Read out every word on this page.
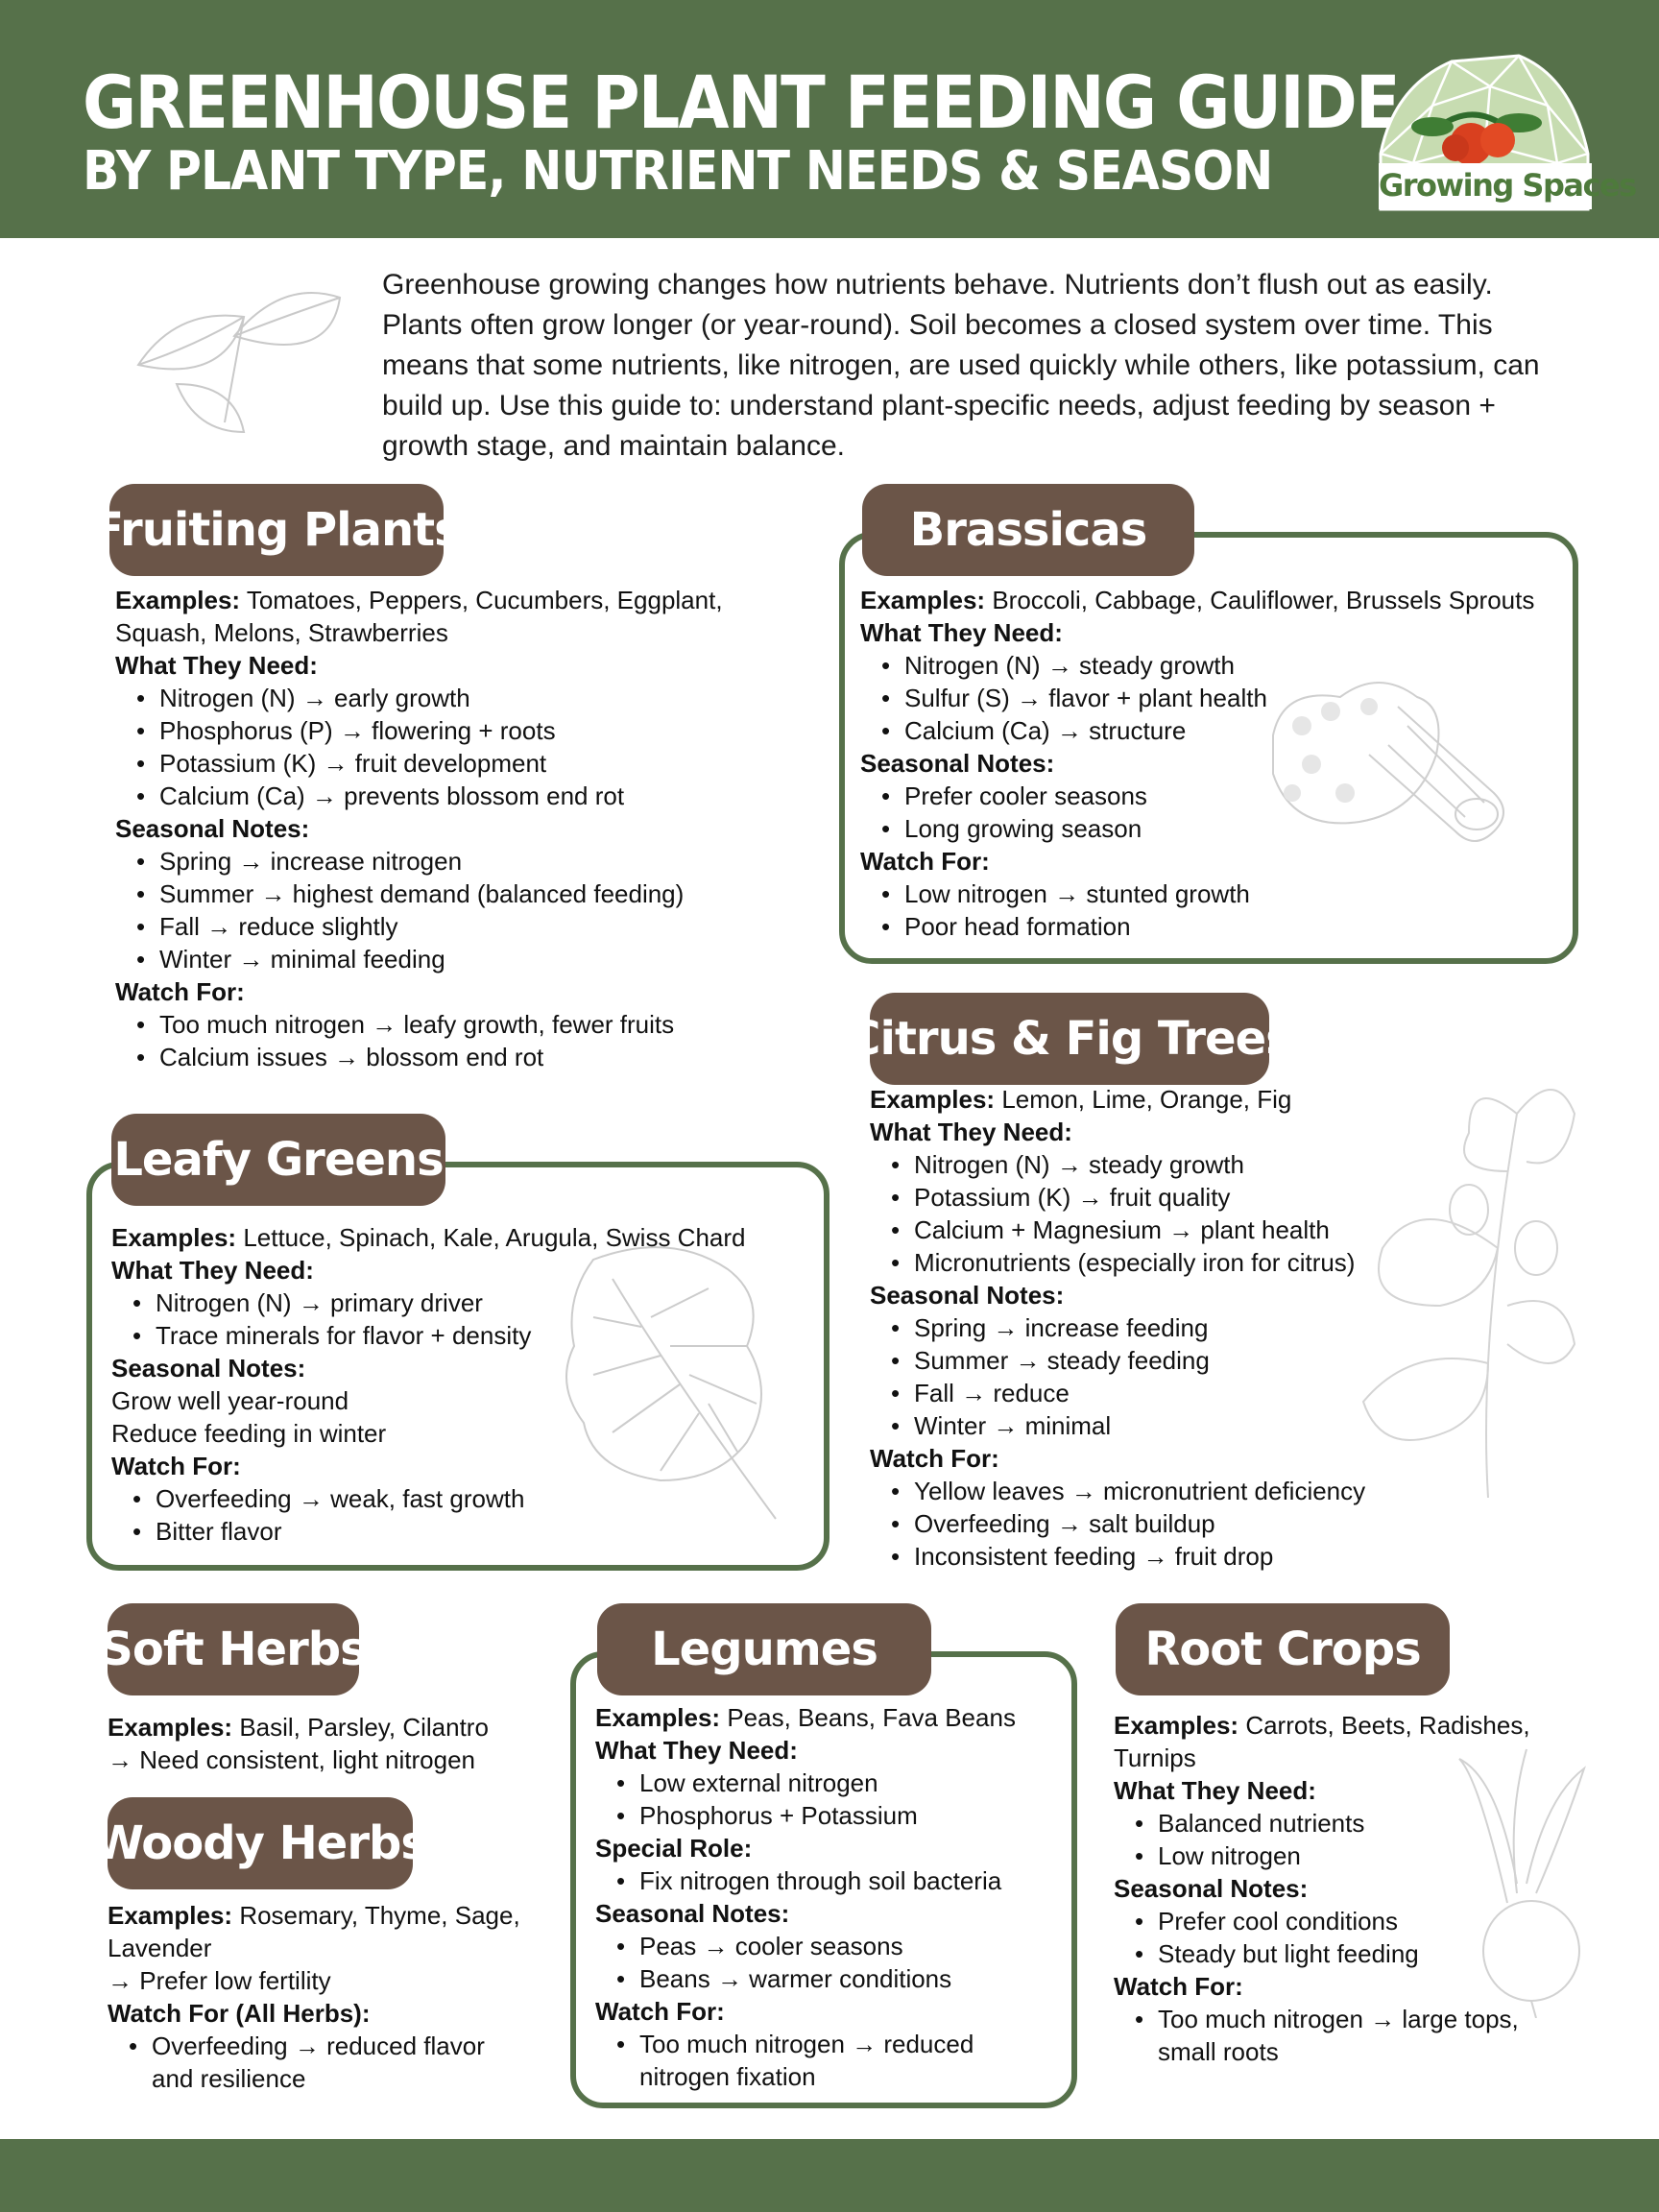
GREENHOUSE PLANT FEEDING GUIDE
BY PLANT TYPE, NUTRIENT NEEDS & SEASON	Growing Spaces
Greenhouse growing changes how nutrients behave. Nutrients don’t flush out as easily. Plants often grow longer (or year-round). Soil becomes a closed system over time. This means that some nutrients, like nitrogen, are used quickly while others, like potassium, can build up. Use this guide to: understand plant-specific needs, adjust feeding by season + growth stage, and maintain balance.
Fruiting Plants
Examples: Tomatoes, Peppers, Cucumbers, Eggplant, Squash, Melons, Strawberries
What They Need:
• Nitrogen (N) → early growth
• Phosphorus (P) → flowering + roots
• Potassium (K) → fruit development
• Calcium (Ca) → prevents blossom end rot
Seasonal Notes:
• Spring → increase nitrogen
• Summer → highest demand (balanced feeding)
• Fall → reduce slightly
• Winter → minimal feeding
Watch For:
• Too much nitrogen → leafy growth, fewer fruits
• Calcium issues → blossom end rot
Brassicas
Examples: Broccoli, Cabbage, Cauliflower, Brussels Sprouts
What They Need:
• Nitrogen (N) → steady growth
• Sulfur (S) → flavor + plant health
• Calcium (Ca) → structure
Seasonal Notes:
• Prefer cooler seasons
• Long growing season
Watch For:
• Low nitrogen → stunted growth
• Poor head formation
Citrus & Fig Trees
Examples: Lemon, Lime, Orange, Fig
What They Need:
• Nitrogen (N) → steady growth
• Potassium (K) → fruit quality
• Calcium + Magnesium → plant health
• Micronutrients (especially iron for citrus)
Seasonal Notes:
• Spring → increase feeding
• Summer → steady feeding
• Fall → reduce
• Winter → minimal
Watch For:
• Yellow leaves → micronutrient deficiency
• Overfeeding → salt buildup
• Inconsistent feeding → fruit drop
Leafy Greens
Examples: Lettuce, Spinach, Kale, Arugula, Swiss Chard
What They Need:
• Nitrogen (N) → primary driver
• Trace minerals for flavor + density
Seasonal Notes:
Grow well year-round
Reduce feeding in winter
Watch For:
• Overfeeding → weak, fast growth
• Bitter flavor
Soft Herbs
Examples: Basil, Parsley, Cilantro
→ Need consistent, light nitrogen
Woody Herbs
Examples: Rosemary, Thyme, Sage, Lavender
→ Prefer low fertility
Watch For (All Herbs):
• Overfeeding → reduced flavor and resilience
Legumes
Examples: Peas, Beans, Fava Beans
What They Need:
• Low external nitrogen
• Phosphorus + Potassium
Special Role:
• Fix nitrogen through soil bacteria
Seasonal Notes:
• Peas → cooler seasons
• Beans → warmer conditions
Watch For:
• Too much nitrogen → reduced nitrogen fixation
Root Crops
Examples: Carrots, Beets, Radishes, Turnips
What They Need:
• Balanced nutrients
• Low nitrogen
Seasonal Notes:
• Prefer cool conditions
• Steady but light feeding
Watch For:
• Too much nitrogen → large tops, small roots
